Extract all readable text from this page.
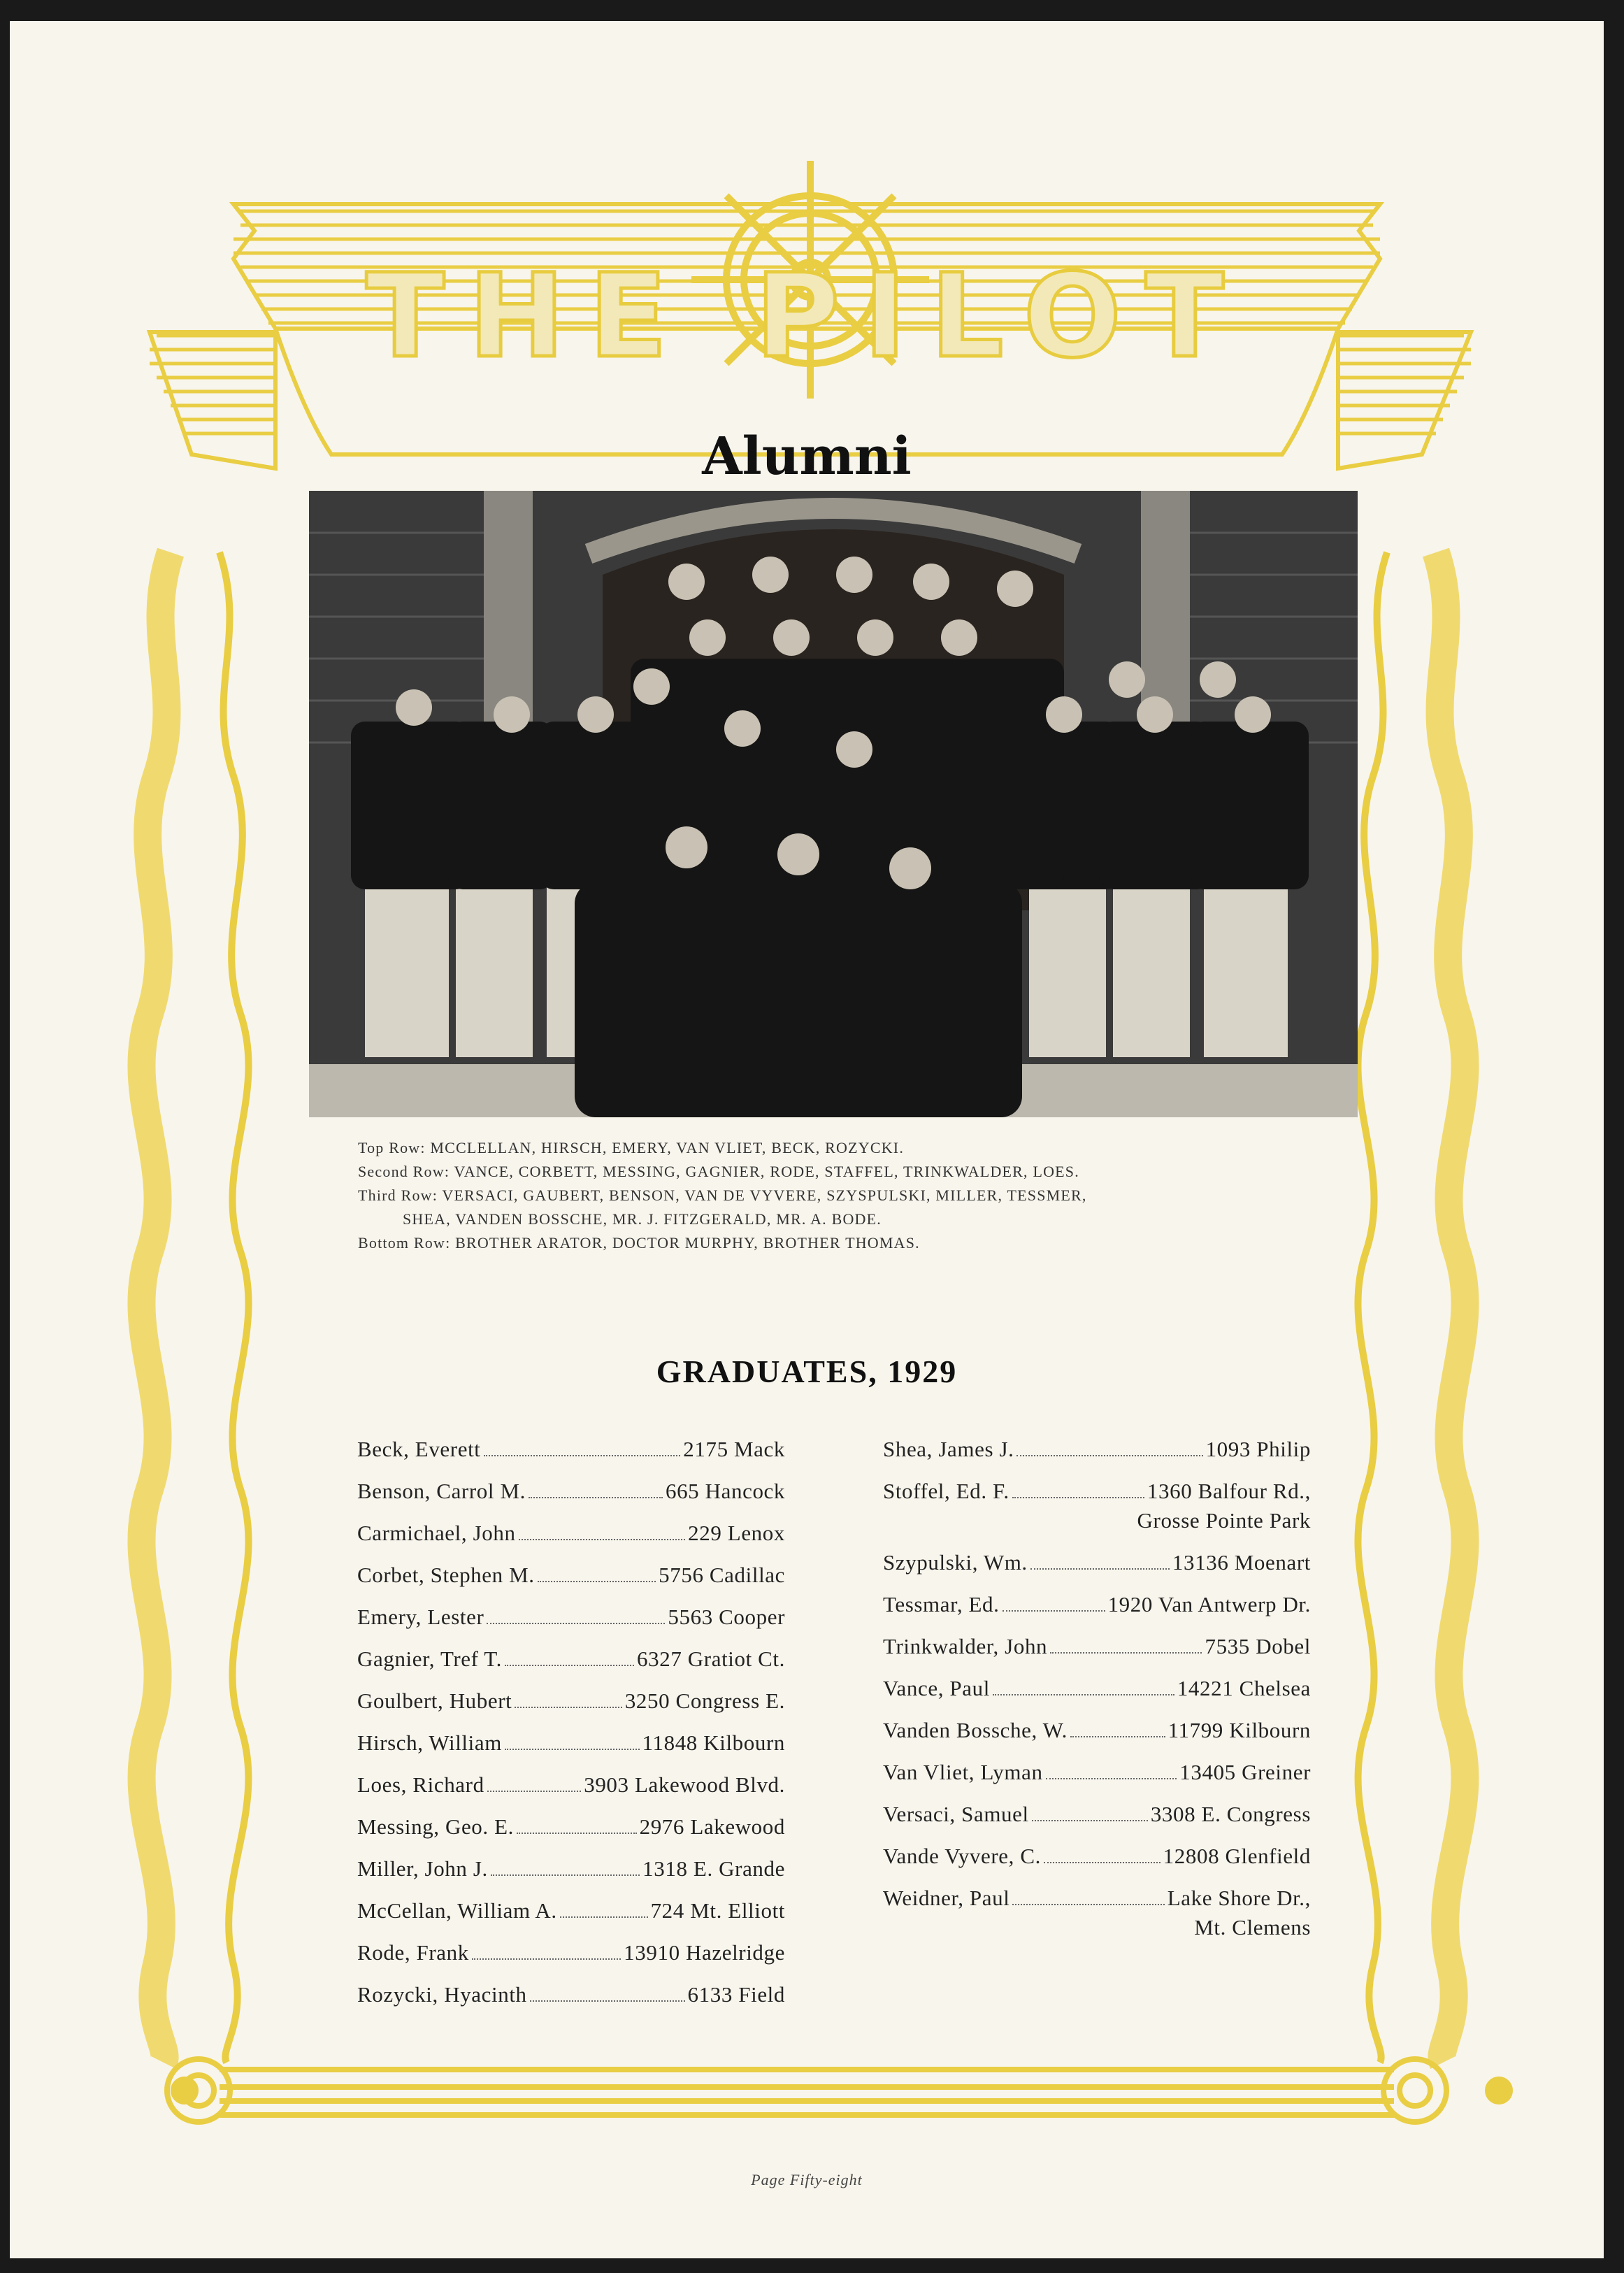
THE PILOT
Alumni
Top Row: MCCLELLAN, HIRSCH, EMERY, VAN VLIET, BECK, ROZYCKI.
Second Row: VANCE, CORBETT, MESSING, GAGNIER, RODE, STAFFEL, TRINKWALDER, LOES.
Third Row: VERSACI, GAUBERT, BENSON, VAN DE VYVERE, SZYSPULSKI, MILLER, TESSMER,
SHEA, VANDEN BOSSCHE, MR. J. FITZGERALD, MR. A. BODE.
Bottom Row: BROTHER ARATOR, DOCTOR MURPHY, BROTHER THOMAS.
GRADUATES, 1929
Beck, Everett	2175 Mack
Benson, Carrol M.	665 Hancock
Carmichael, John	229 Lenox
Corbet, Stephen M.	5756 Cadillac
Emery, Lester	5563 Cooper
Gagnier, Tref T.	6327 Gratiot Ct.
Goulbert, Hubert	3250 Congress E.
Hirsch, William	11848 Kilbourn
Loes, Richard	3903 Lakewood Blvd.
Messing, Geo. E.	2976 Lakewood
Miller, John J.	1318 E. Grande
McCellan, William A.	724 Mt. Elliott
Rode, Frank	13910 Hazelridge
Rozycki, Hyacinth	6133 Field
Shea, James J.	1093 Philip
Stoffel, Ed. F.	1360 Balfour Rd.,
Grosse Pointe Park
Szypulski, Wm.	13136 Moenart
Tessmar, Ed.	1920 Van Antwerp Dr.
Trinkwalder, John	7535 Dobel
Vance, Paul	14221 Chelsea
Vanden Bossche, W.	11799 Kilbourn
Van Vliet, Lyman	13405 Greiner
Versaci, Samuel	3308 E. Congress
Vande Vyvere, C.	12808 Glenfield
Weidner, Paul	Lake Shore Dr.,
Mt. Clemens
Page Fifty-eight
